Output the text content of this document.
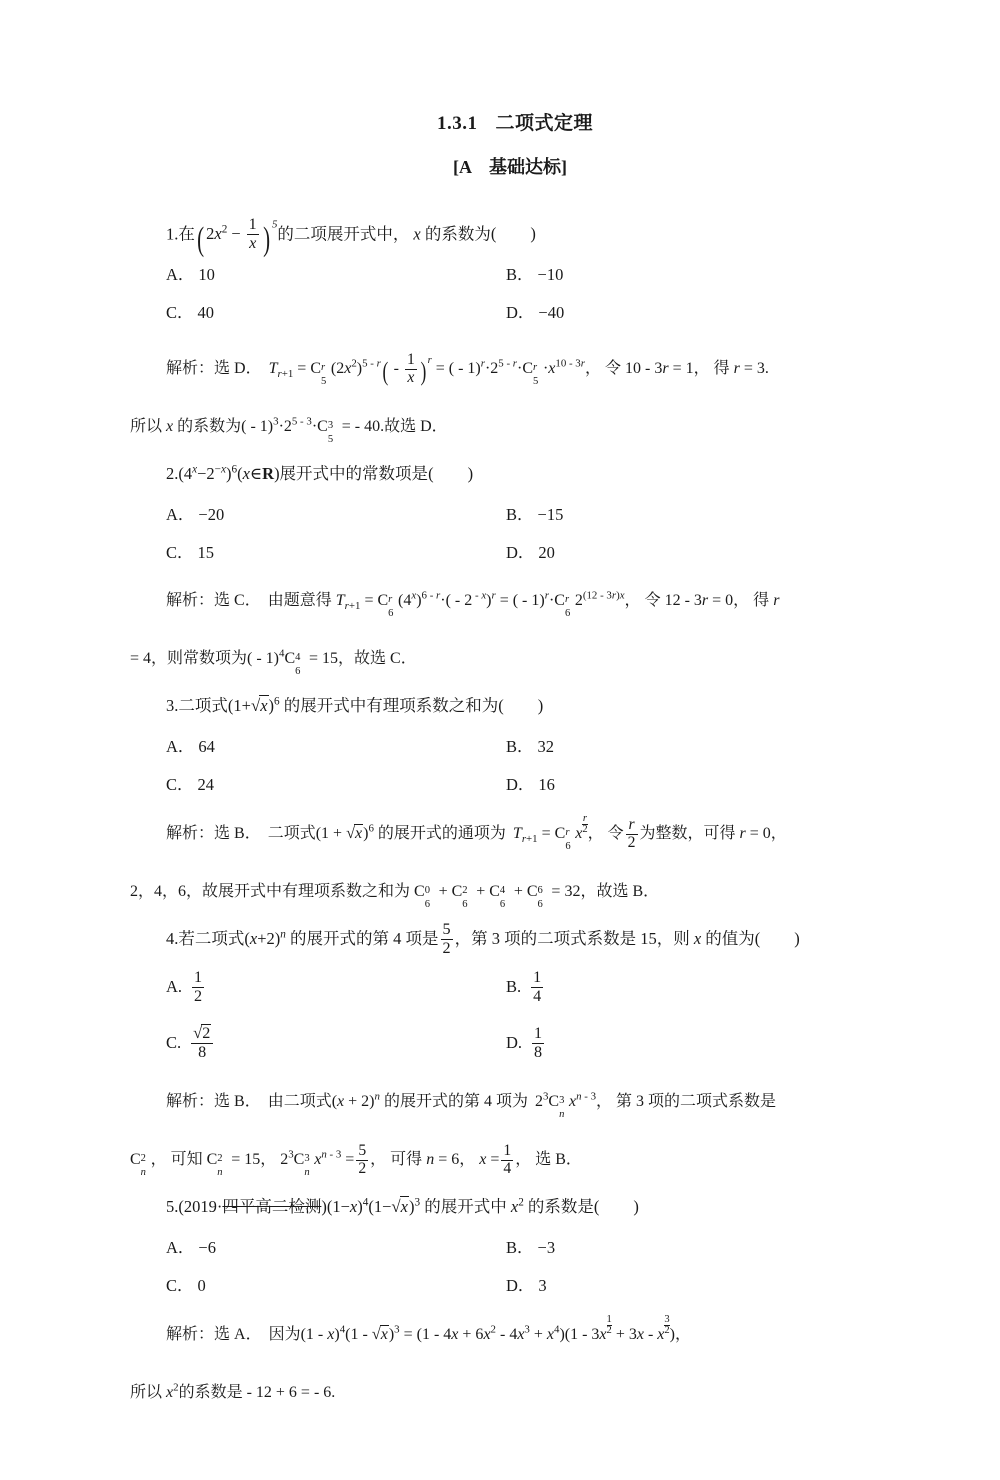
1.3.1 二项式定理
[A　基础达标]
1.在( $2x^2 - \frac{1}{x}$ ) $^5$的二项展开式中， x 的系数为( )
A． 10	B． −10
C． 40	D． −40
解析：选 D． $T_{r+1} = C$ r
5
$(2x^2)^{5 - r}( - \frac{1}{x} )^r$ = ( - $1)^r\cdot 2^{5 - r}\cdot C$ r
5
$\cdot x^{10 - 3r}$， 令 10 - 3r = 1， 得 r = 3.
所以 x 的系数为( - $1)^3\cdot 2^{5 - 3}\cdot C$ 3
5
= - 40.故选 D．
$2.(4^x-2^{-x})^6(x\in R)$展开式中的常数项是( )
A． −20	B． −15
C． 15	D． 20
解析：选 C． 由题意得 $T_{r+1} = C$ r
6
$(4^x)^{6 - r}\cdot( - 2$ $^{- x}$)$^r$ = ( - 1)$^r$·C r
6
$2^{(12 - 3r)x}$， 令 12 - 3r = 0， 得 r
= 4，则常数项为( - 1)$^4$C 4
6
= 15，故选 C．
3.二项式$(1+√x)^6$ 的展开式中有理项系数之和为( )
A． 64	B． 32
C． 24	D． 16
解析：选 B． 二项式$(1 + √x)^6$ 的展开式的通项为 $T_{r+1} = C$ r
6
x $\frac{r}{2}$ ， 令 $\frac{r}{2}$ 为整数，可得 r = 0，
2，4，6，故展开式中有理项系数之和为 C 0
6
+ C 2
6
+ C 4
6
+ C 6
6
= 32，故选 B．
4.若二项式$(x+2)^n$ 的展开式的第 4 项是 $\frac{5}{2}$ ，第 3 项的二项式系数是 15，则 x 的值为( )
A. $\frac{1}{2}$	B. $\frac{1}{4}$
C. $\frac{√2}{8}$	D. $\frac{1}{8}$
解析：选 B． 由二项式$(x + 2)^n$ 的展开式的第 4 项为 $2^3C$ 3
n
$x^{n - 3}$， 第 3 项的二项式系数是
C 2
n
， 可知 C 2
n
= 15， $2^3C$ 3
n
$x^{n - 3} = \frac{5}{2}$ ， 可得 n = 6， $x = \frac{1}{4}$ ， 选 B．
5.(2019·四平高二检测)$(1-x)^4(1-√x)^3$ 的展开式中 $x^2$ 的系数是( )
A． −6	B． −3
C． 0	D． 3
解析：选 A． 因为$(1 - x)^4(1 - √x)^3 = (1 - 4x + 6x^2 - 4x^3 + x^4)(1 - 3x \frac{1}{2} + 3x - x \frac{3}{2}$ )，
所以 $x^2$的系数是 - 12 + 6 = - 6.
